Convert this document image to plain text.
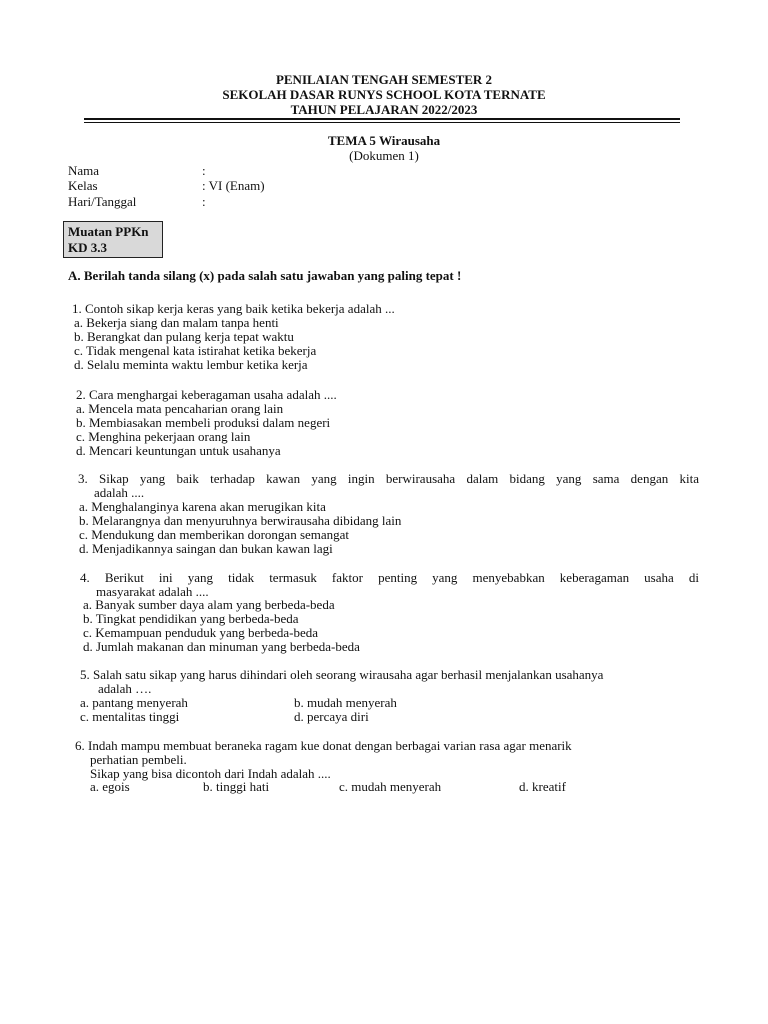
PENILAIAN TENGAH SEMESTER 2
SEKOLAH DASAR RUNYS SCHOOL KOTA TERNATE
TAHUN PELAJARAN 2022/2023
TEMA 5 Wirausaha
(Dokumen 1)
Nama	:
Kelas	: VI (Enam)
Hari/Tanggal	:
Muatan PPKn
KD 3.3
A. Berilah tanda silang (x) pada salah satu jawaban yang paling tepat !
1. Contoh sikap kerja keras yang baik ketika bekerja adalah ...
a. Bekerja siang dan malam tanpa henti
b. Berangkat dan pulang kerja tepat waktu
c. Tidak mengenal kata istirahat ketika bekerja
d. Selalu meminta waktu lembur ketika kerja
2. Cara menghargai keberagaman usaha adalah ....
a. Mencela mata pencaharian orang lain
b. Membiasakan membeli produksi dalam negeri
c. Menghina pekerjaan orang lain
d. Mencari keuntungan untuk usahanya
3. Sikap yang baik terhadap kawan yang ingin berwirausaha dalam bidang yang sama dengan kita
adalah ....
a. Menghalanginya karena akan merugikan kita
b. Melarangnya dan menyuruhnya berwirausaha dibidang lain
c. Mendukung dan memberikan dorongan semangat
d. Menjadikannya saingan dan bukan kawan lagi
4. Berikut ini yang tidak termasuk faktor penting yang menyebabkan keberagaman usaha di
masyarakat adalah ....
a. Banyak sumber daya alam yang berbeda-beda
b. Tingkat pendidikan yang berbeda-beda
c. Kemampuan penduduk yang berbeda-beda
d. Jumlah makanan dan minuman yang berbeda-beda
5. Salah satu sikap yang harus dihindari oleh seorang wirausaha agar berhasil menjalankan usahanya
adalah ….
a. pantang menyerah	b. mudah menyerah
c. mentalitas tinggi	d. percaya diri
6. Indah mampu membuat beraneka ragam kue donat dengan berbagai varian rasa agar menarik
perhatian pembeli.
Sikap yang bisa dicontoh dari Indah adalah ....
a. egois	b. tinggi hati	c. mudah menyerah	d. kreatif
